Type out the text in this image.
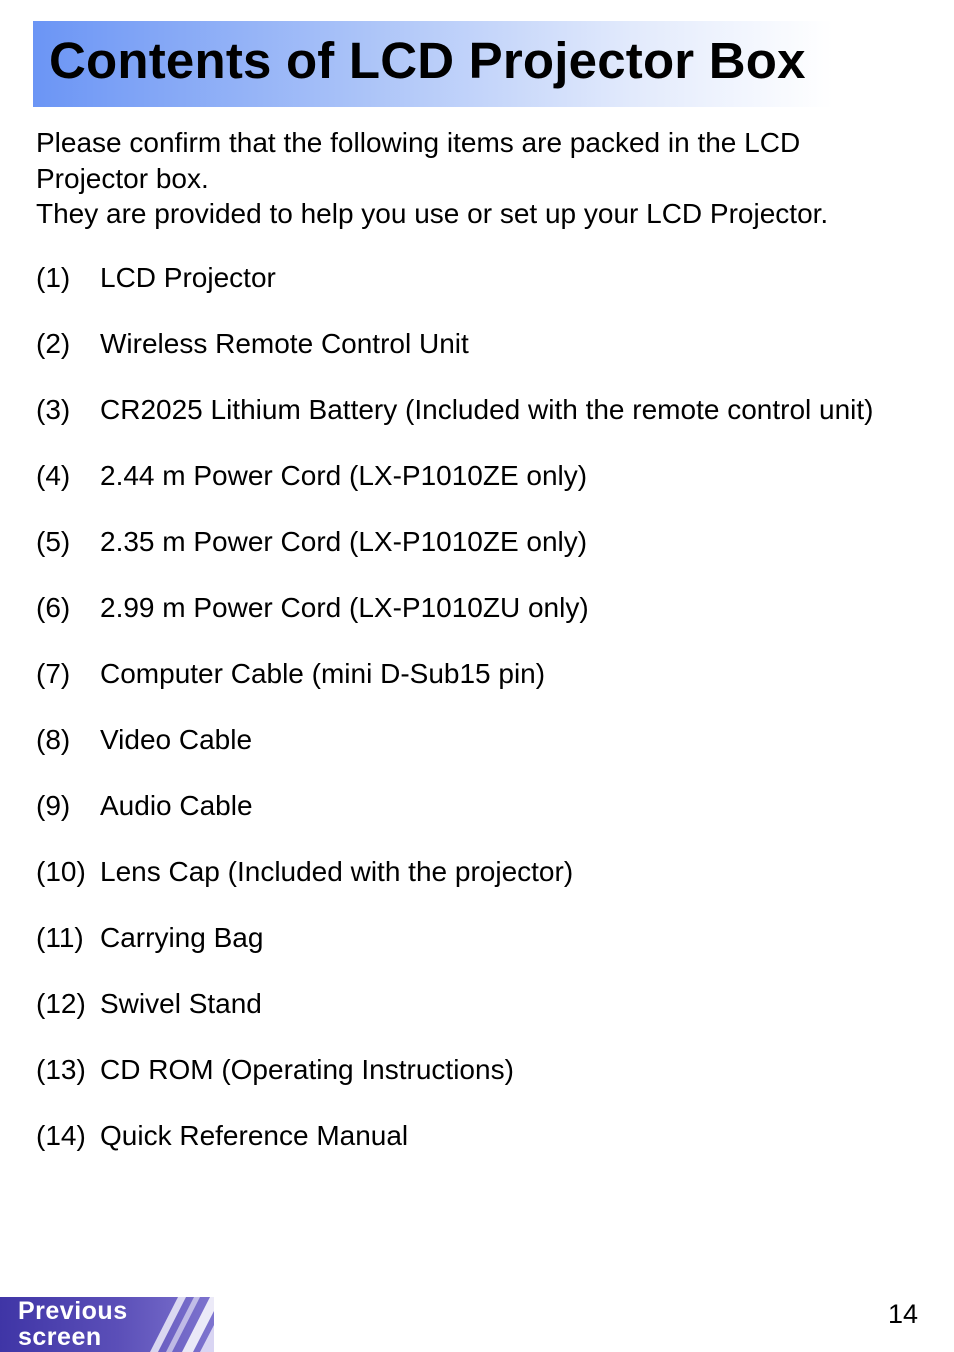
Contents of LCD Projector Box

Please confirm that the following items are packed in the LCD Projector box.

They are provided to help you use or set up your LCD Projector.

(1) LCD Projector
(2) Wireless Remote Control Unit
(3) CR2025 Lithium Battery (Included with the remote control unit)
(4) 2.44 m Power Cord (LX-P1010ZE only)
(5) 2.35 m Power Cord (LX-P1010ZE only)
(6) 2.99 m Power Cord (LX-P1010ZU only)
(7) Computer Cable (mini D-Sub15 pin)
(8) Video Cable
(9) Audio Cable
(10) Lens Cap (Included with the projector)
(11) Carrying Bag
(12) Swivel Stand
(13) CD ROM (Operating Instructions)
(14) Quick Reference Manual
Previous
screen
14
